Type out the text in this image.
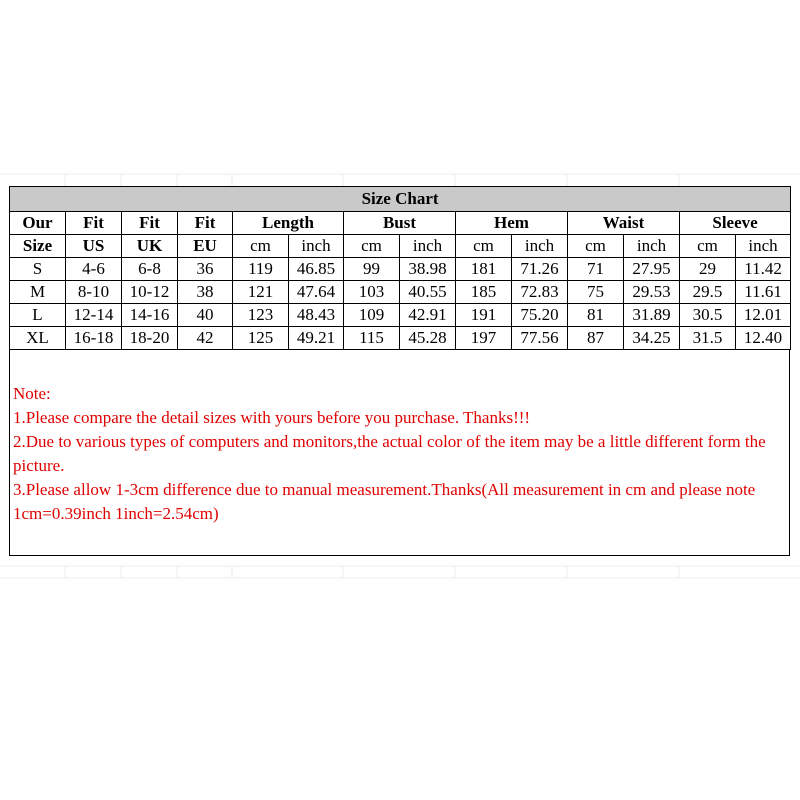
Size Chart													
Our	Fit	Fit	Fit	Length		Bust		Hem		Waist		Sleeve	
Size	US	UK	EU	cm	inch	cm	inch	cm	inch	cm	inch	cm	inch
S	4-6	6-8	36	119	46.85	99	38.98	181	71.26	71	27.95	29	11.42
M	8-10	10-12	38	121	47.64	103	40.55	185	72.83	75	29.53	29.5	11.61
L	12-14	14-16	40	123	48.43	109	42.91	191	75.20	81	31.89	30.5	12.01
XL	16-18	18-20	42	125	49.21	115	45.28	197	77.56	87	34.25	31.5	12.40
Note:
1.Please compare the detail sizes with yours before you purchase. Thanks!!!
2.Due to various types of computers and monitors,the actual color of the item may be a little different form the picture.
3.Please allow 1-3cm difference due to manual measurement.Thanks(All measurement in cm and please note 1cm=0.39inch 1inch=2.54cm)
